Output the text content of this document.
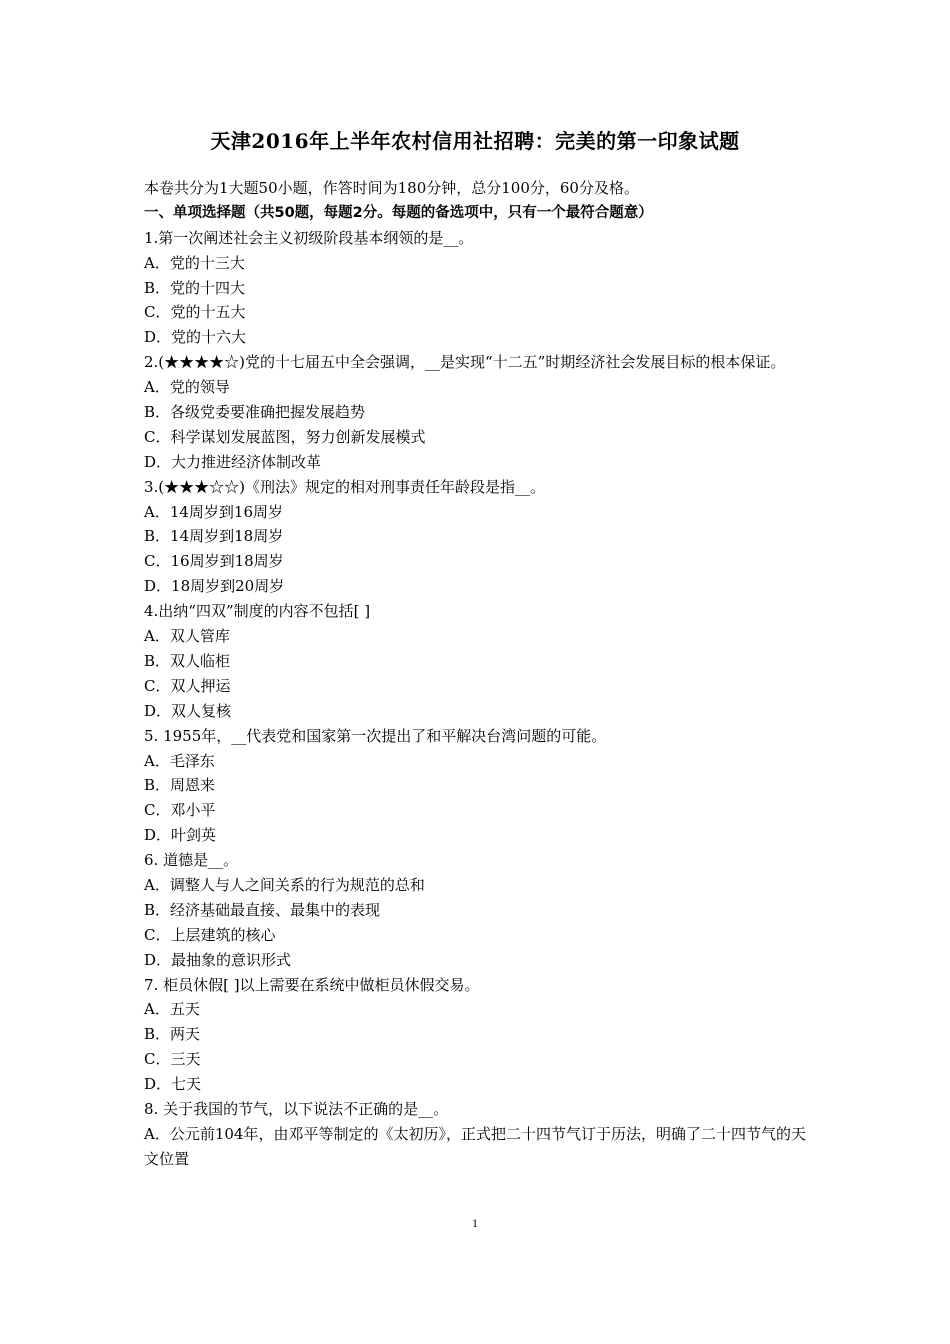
天津2016年上半年农村信用社招聘：完美的第一印象试题
本卷共分为1大题50小题，作答时间为180分钟，总分100分，60分及格。
一、单项选择题（共50题，每题2分。每题的备选项中，只有一个最符合题意）
1.第一次阐述社会主义初级阶段基本纲领的是__。
A．党的十三大
B．党的十四大
C．党的十五大
D．党的十六大
2.(★★★★☆)党的十七届五中全会强调，__是实现“十二五”时期经济社会发展目标的根本保证。
A．党的领导
B．各级党委要准确把握发展趋势
C．科学谋划发展蓝图，努力创新发展模式
D．大力推进经济体制改革
3.(★★★☆☆)《刑法》规定的相对刑事责任年龄段是指__。
A．14周岁到16周岁
B．14周岁到18周岁
C．16周岁到18周岁
D．18周岁到20周岁
4.出纳“四双”制度的内容不包括[ ]
A．双人管库
B．双人临柜
C．双人押运
D．双人复核
5. 1955年，__代表党和国家第一次提出了和平解决台湾问题的可能。
A．毛泽东
B．周恩来
C．邓小平
D．叶剑英
6. 道德是__。
A．调整人与人之间关系的行为规范的总和
B．经济基础最直接、最集中的表现
C．上层建筑的核心
D．最抽象的意识形式
7. 柜员休假[ ]以上需要在系统中做柜员休假交易。
A．五天
B．两天
C．三天
D．七天
8. 关于我国的节气，以下说法不正确的是__。
A．公元前104年，由邓平等制定的《太初历》，正式把二十四节气订于历法，明确了二十四节气的天文位置
1
